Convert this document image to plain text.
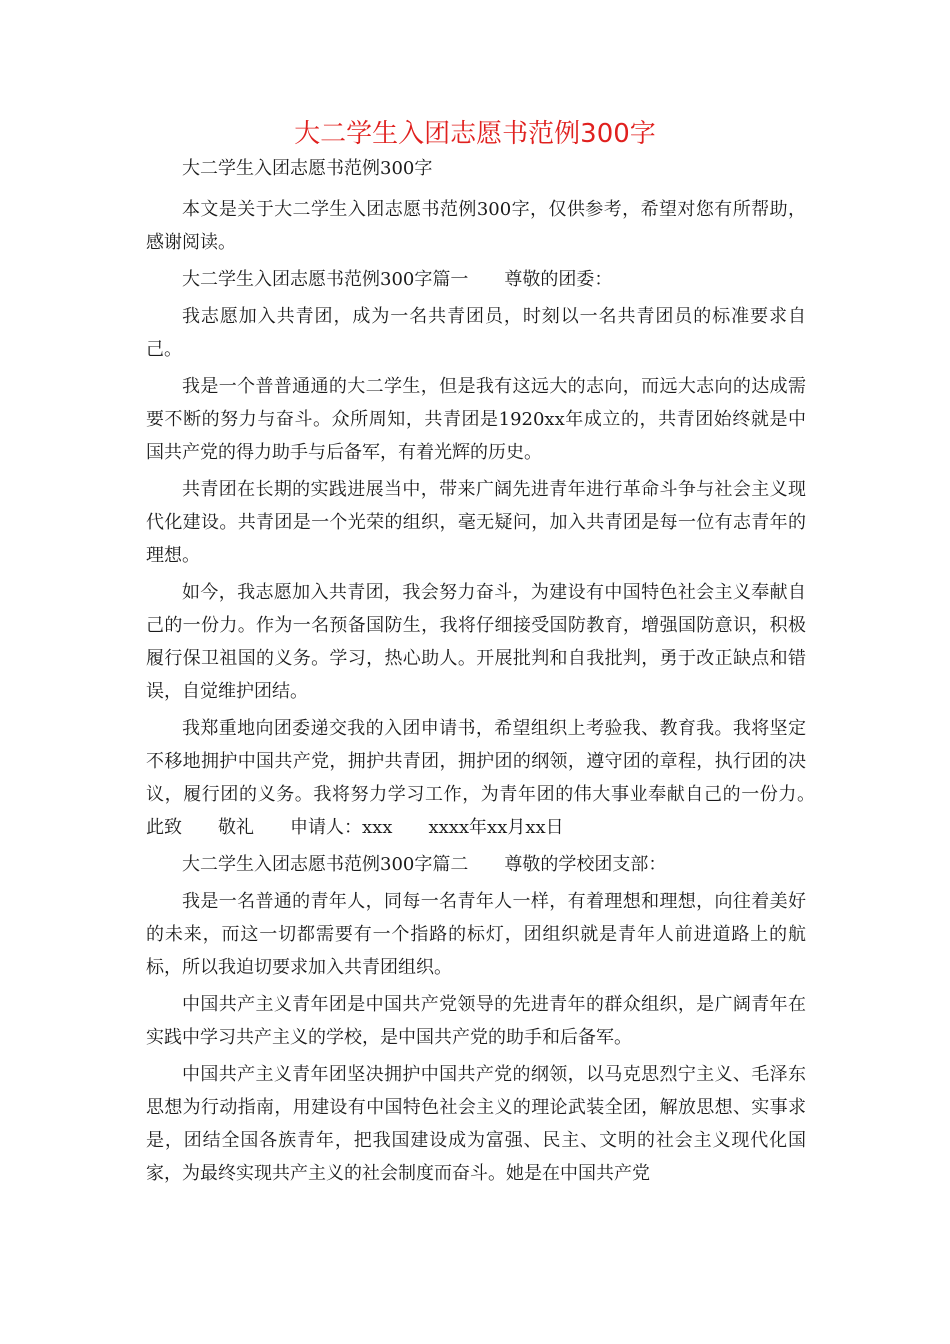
大二学生入团志愿书范例300字

大二学生入团志愿书范例300字

本文是关于大二学生入团志愿书范例300字，仅供参考，希望对您有所帮助，感谢阅读。

大二学生入团志愿书范例300字篇一　　尊敬的团委：

我志愿加入共青团，成为一名共青团员，时刻以一名共青团员的标准要求自己。

我是一个普普通通的大二学生，但是我有这远大的志向，而远大志向的达成需要不断的努力与奋斗。众所周知，共青团是1920xx年成立的，共青团始终就是中国共产党的得力助手与后备军，有着光辉的历史。

共青团在长期的实践进展当中，带来广阔先进青年进行革命斗争与社会主义现代化建设。共青团是一个光荣的组织，毫无疑问，加入共青团是每一位有志青年的理想。

如今，我志愿加入共青团，我会努力奋斗，为建设有中国特色社会主义奉献自己的一份力。作为一名预备国防生，我将仔细接受国防教育，增强国防意识，积极履行保卫祖国的义务。学习，热心助人。开展批判和自我批判，勇于改正缺点和错误，自觉维护团结。

我郑重地向团委递交我的入团申请书，希望组织上考验我、教育我。我将坚定不移地拥护中国共产党，拥护共青团，拥护团的纲领，遵守团的章程，执行团的决议，履行团的义务。我将努力学习工作，为青年团的伟大事业奉献自己的一份力。　　此致　　敬礼　　申请人：xxx　　xxxx年xx月xx日

大二学生入团志愿书范例300字篇二　　尊敬的学校团支部：

我是一名普通的青年人，同每一名青年人一样，有着理想和理想，向往着美好的未来，而这一切都需要有一个指路的标灯，团组织就是青年人前进道路上的航标，所以我迫切要求加入共青团组织。

中国共产主义青年团是中国共产党领导的先进青年的群众组织，是广阔青年在实践中学习共产主义的学校，是中国共产党的助手和后备军。

中国共产主义青年团坚决拥护中国共产党的纲领，以马克思烈宁主义、毛泽东思想为行动指南，用建设有中国特色社会主义的理论武装全团，解放思想、实事求是，团结全国各族青年，把我国建设成为富强、民主、文明的社会主义现代化国家，为最终实现共产主义的社会制度而奋斗。她是在中国共产党
